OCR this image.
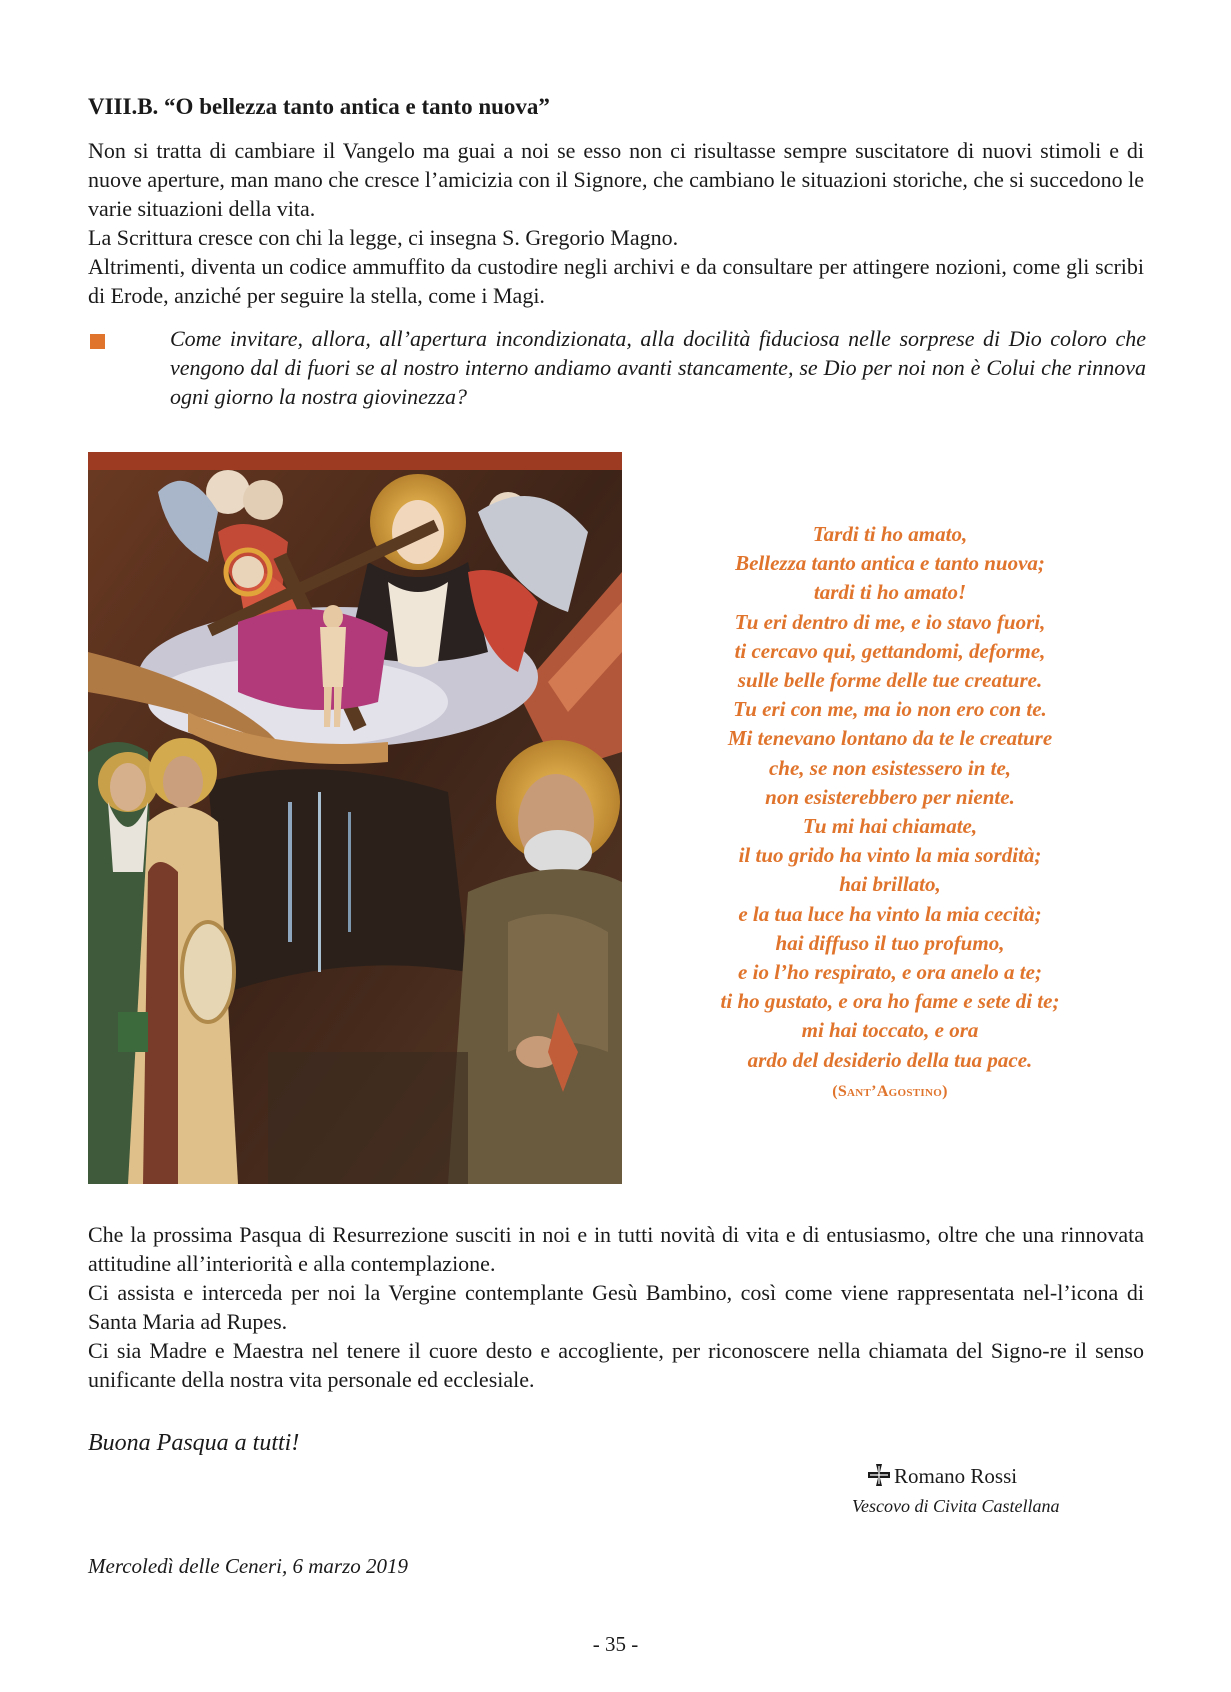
VIII.B. “O bellezza tanto antica e tanto nuova”

Non si tratta di cambiare il Vangelo ma guai a noi se esso non ci risultasse sempre suscitatore di nuovi stimoli e di nuove aperture, man mano che cresce l’amicizia con il Signore, che cambiano le situazioni storiche, che si succedono le varie situazioni della vita.

La Scrittura cresce con chi la legge, ci insegna S. Gregorio Magno.

Altrimenti, diventa un codice ammuffito da custodire negli archivi e da consultare per attingere nozioni, come gli scribi di Erode, anziché per seguire la stella, come i Magi.

Come invitare, allora, all’apertura incondizionata, alla docilità fiduciosa nelle sorprese di Dio coloro che vengono dal di fuori se al nostro interno andiamo avanti stancamente, se Dio per noi non è Colui che rinnova ogni giorno la nostra giovinezza?

Tardi ti ho amato,
Bellezza tanto antica e tanto nuova;
tardi ti ho amato!
Tu eri dentro di me, e io stavo fuori,
ti cercavo qui, gettandomi, deforme,
sulle belle forme delle tue creature.
Tu eri con me, ma io non ero con te.
Mi tenevano lontano da te le creature
che, se non esistessero in te,
non esisterebbero per niente.
Tu mi hai chiamate,
il tuo grido ha vinto la mia sordità;
hai brillato,
e la tua luce ha vinto la mia cecità;
hai diffuso il tuo profumo,
e io l’ho respirato, e ora anelo a te;
ti ho gustato, e ora ho fame e sete di te;
mi hai toccato, e ora
ardo del desiderio della tua pace.
(Sant’Agostino)

Che la prossima Pasqua di Resurrezione susciti in noi e in tutti novità di vita e di entusiasmo, oltre che una rinnovata attitudine all’interiorità e alla contemplazione.

Ci assista e interceda per noi la Vergine contemplante Gesù Bambino, così come viene rappresentata nel-l’icona di Santa Maria ad Rupes.

Ci sia Madre e Maestra nel tenere il cuore desto e accogliente, per riconoscere nella chiamata del Signo-re il senso unificante della nostra vita personale ed ecclesiale.

Buona Pasqua a tutti!
Romano Rossi
Vescovo di Civita Castellana
Mercoledì delle Ceneri, 6 marzo 2019
- 35 -
